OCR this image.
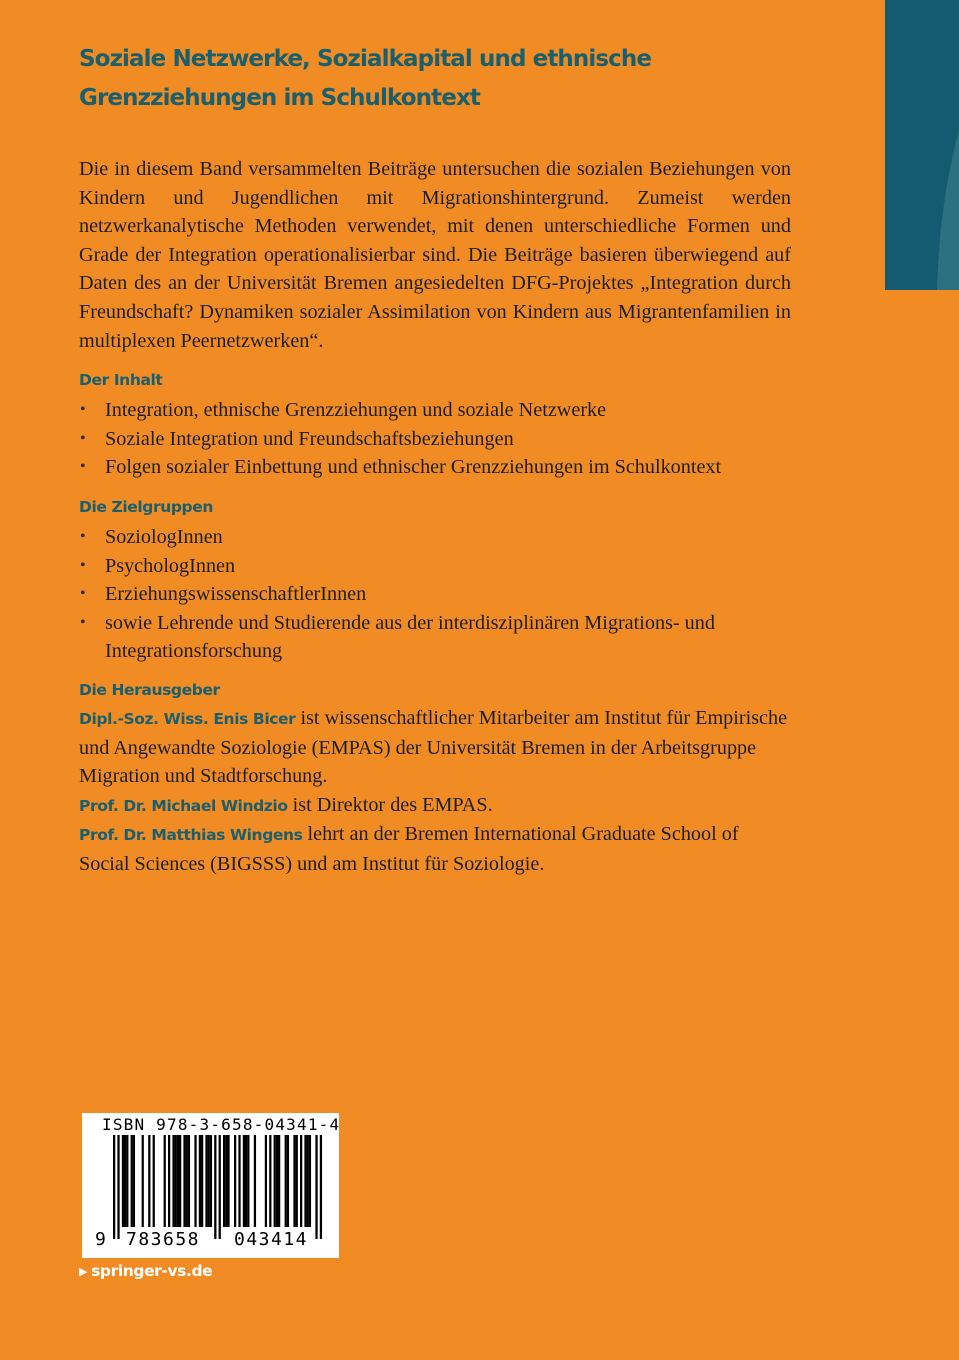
Soziale Netzwerke, Sozialkapital und ethnische
Grenzziehungen im Schulkontext

Die in diesem Band versammelten Beiträge untersuchen die sozialen Beziehungen von Kindern und Jugendlichen mit Migrationshintergrund. Zumeist werden netzwerkanalytische Methoden verwendet, mit denen unterschiedliche Formen und Grade der Integration operationalisierbar sind. Die Beiträge basieren überwiegend auf Daten des an der Universität Bremen angesiedelten DFG-Projektes „Integration durch Freundschaft? Dynamiken sozialer Assimilation von Kindern aus Migrantenfamilien in multiplexen Peernetzwerken“.

Der Inhalt
• Integration, ethnische Grenzziehungen und soziale Netzwerke
• Soziale Integration und Freundschaftsbeziehungen
• Folgen sozialer Einbettung und ethnischer Grenzziehungen im Schulkontext
Die Zielgruppen
• SoziologInnen
• PsychologInnen
• ErziehungswissenschaftlerInnen
• sowie Lehrende und Studierende aus der interdisziplinären Migrations- und Integrationsforschung
Die Herausgeber

Dipl.-Soz. Wiss. Enis Bicer ist wissenschaftlicher Mitarbeiter am Institut für Empirische und Angewandte Soziologie (EMPAS) der Universität Bremen in der Arbeitsgruppe Migration und Stadtforschung.

Prof. Dr. Michael Windzio ist Direktor des EMPAS.

Prof. Dr. Matthias Wingens lehrt an der Bremen International Graduate School of Social Sciences (BIGSSS) und am Institut für Soziologie.

ISBN 978-3-658-04341-4
9	783658	043414
▶ springer-vs.de
